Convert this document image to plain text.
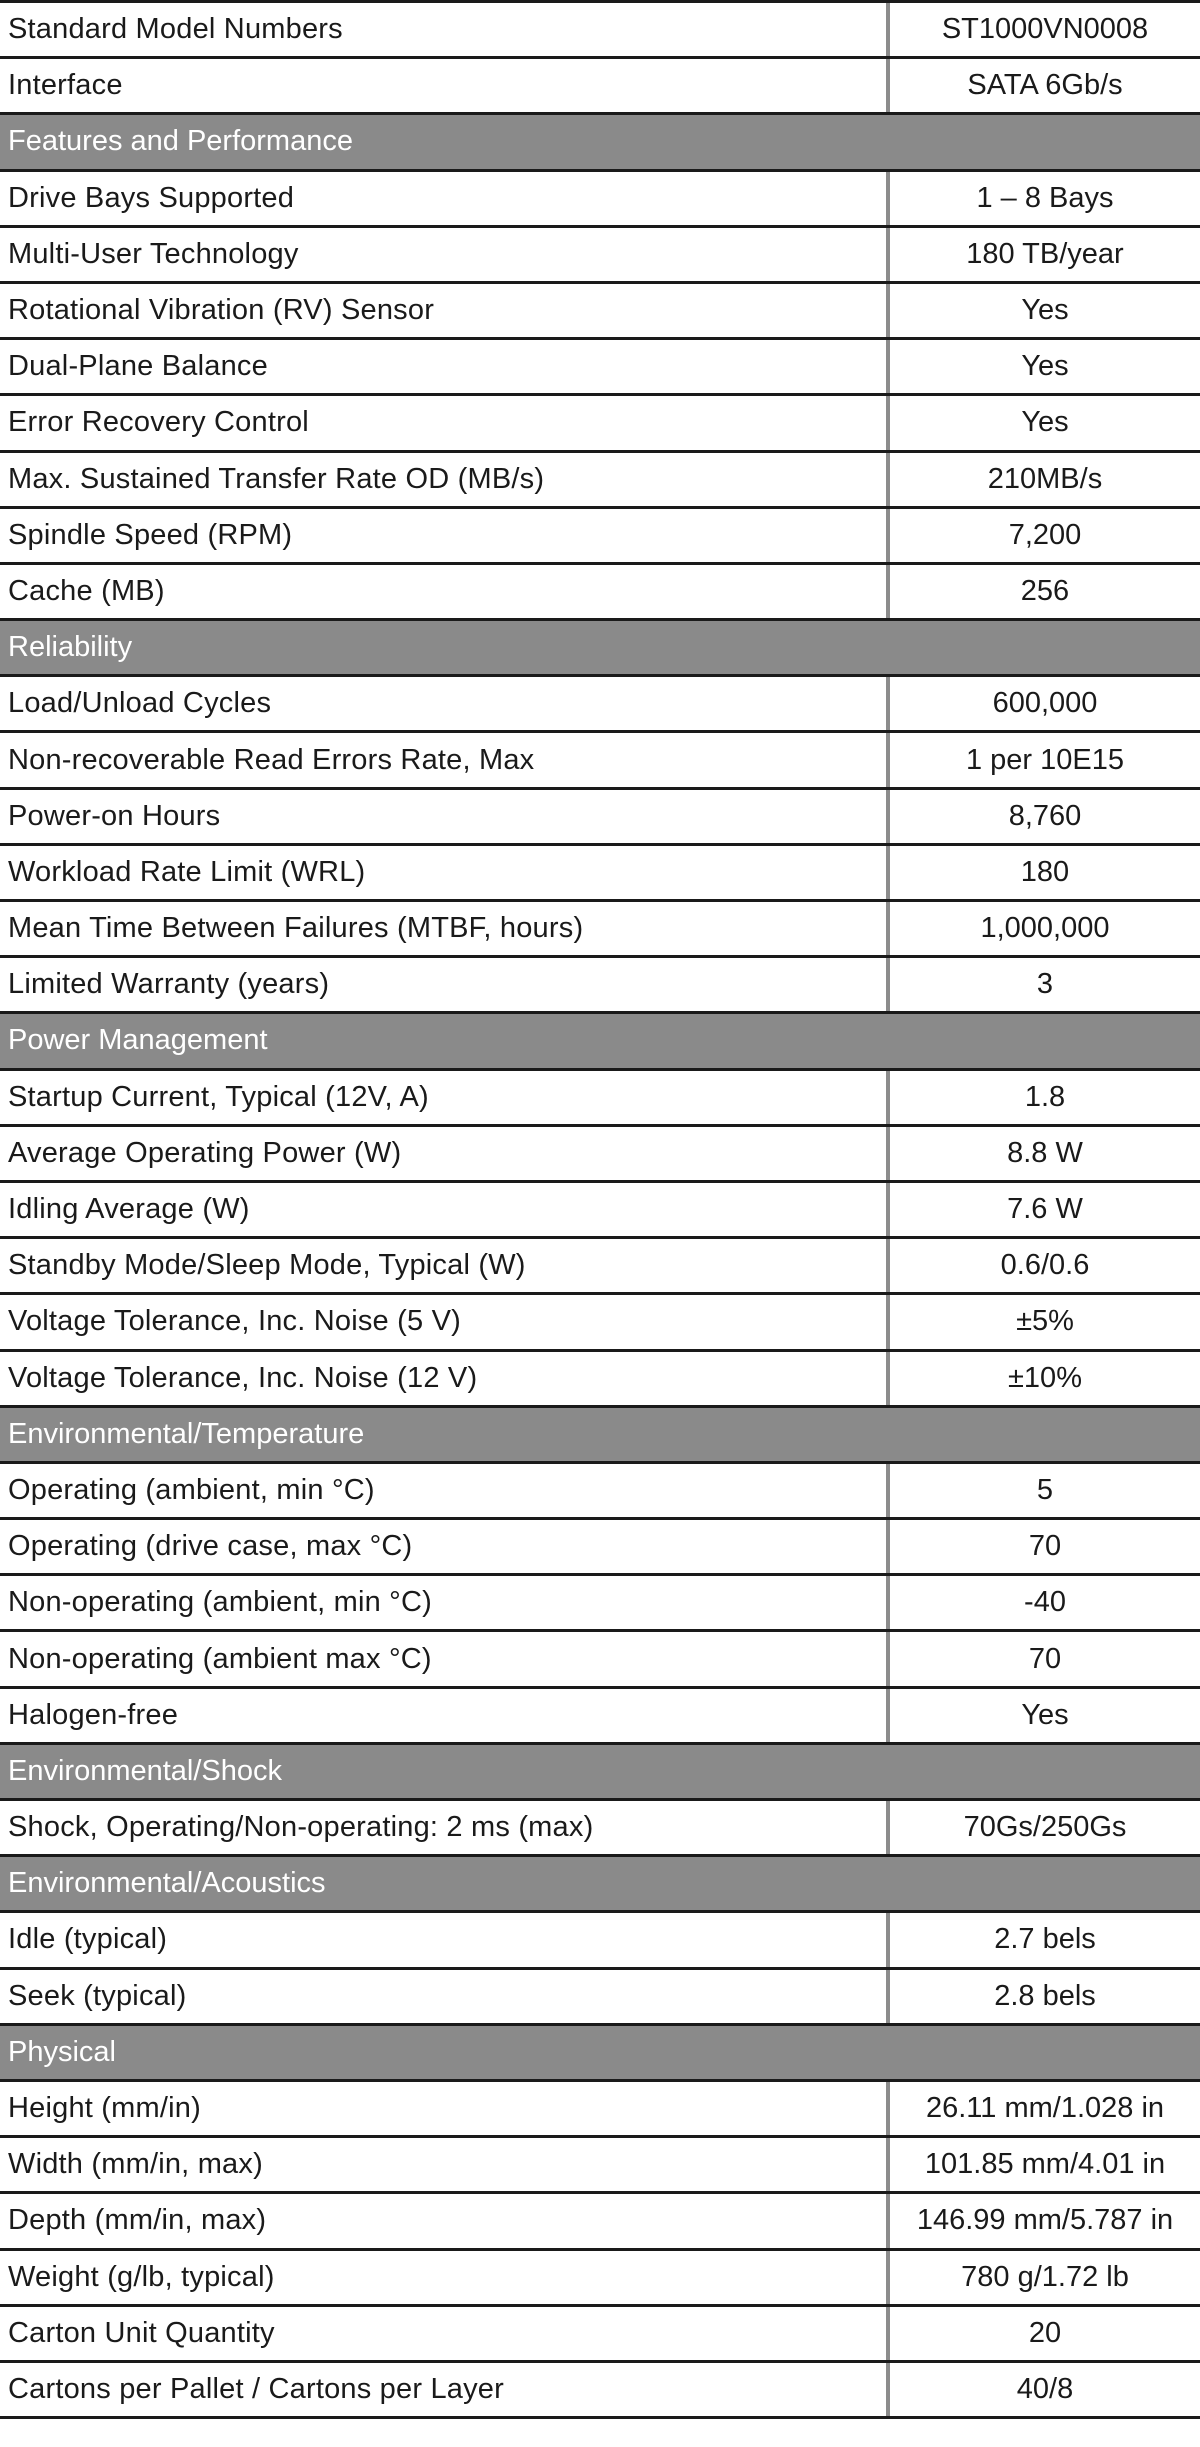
Standard Model Numbers	ST1000VN0008
Interface	SATA 6Gb/s
Features and Performance
Drive Bays Supported	1 – 8 Bays
Multi-User Technology	180 TB/year
Rotational Vibration (RV) Sensor	Yes
Dual-Plane Balance	Yes
Error Recovery Control	Yes
Max. Sustained Transfer Rate OD (MB/s)	210MB/s
Spindle Speed (RPM)	7,200
Cache (MB)	256
Reliability
Load/Unload Cycles	600,000
Non-recoverable Read Errors Rate, Max	1 per 10E15
Power-on Hours	8,760
Workload Rate Limit (WRL)	180
Mean Time Between Failures (MTBF, hours)	1,000,000
Limited Warranty (years)	3
Power Management
Startup Current, Typical (12V, A)	1.8
Average Operating Power (W)	8.8 W
Idling Average (W)	7.6 W
Standby Mode/Sleep Mode, Typical (W)	0.6/0.6
Voltage Tolerance, Inc. Noise (5 V)	±5%
Voltage Tolerance, Inc. Noise (12 V)	±10%
Environmental/Temperature
Operating (ambient, min °C)	5
Operating (drive case, max °C)	70
Non-operating (ambient, min °C)	-40
Non-operating (ambient max °C)	70
Halogen-free	Yes
Environmental/Shock
Shock, Operating/Non-operating: 2 ms (max)	70Gs/250Gs
Environmental/Acoustics
Idle (typical)	2.7 bels
Seek (typical)	2.8 bels
Physical
Height (mm/in)	26.11 mm/1.028 in
Width (mm/in, max)	101.85 mm/4.01 in
Depth (mm/in, max)	146.99 mm/5.787 in
Weight (g/lb, typical)	780 g/1.72 lb
Carton Unit Quantity	20
Cartons per Pallet / Cartons per Layer	40/8
